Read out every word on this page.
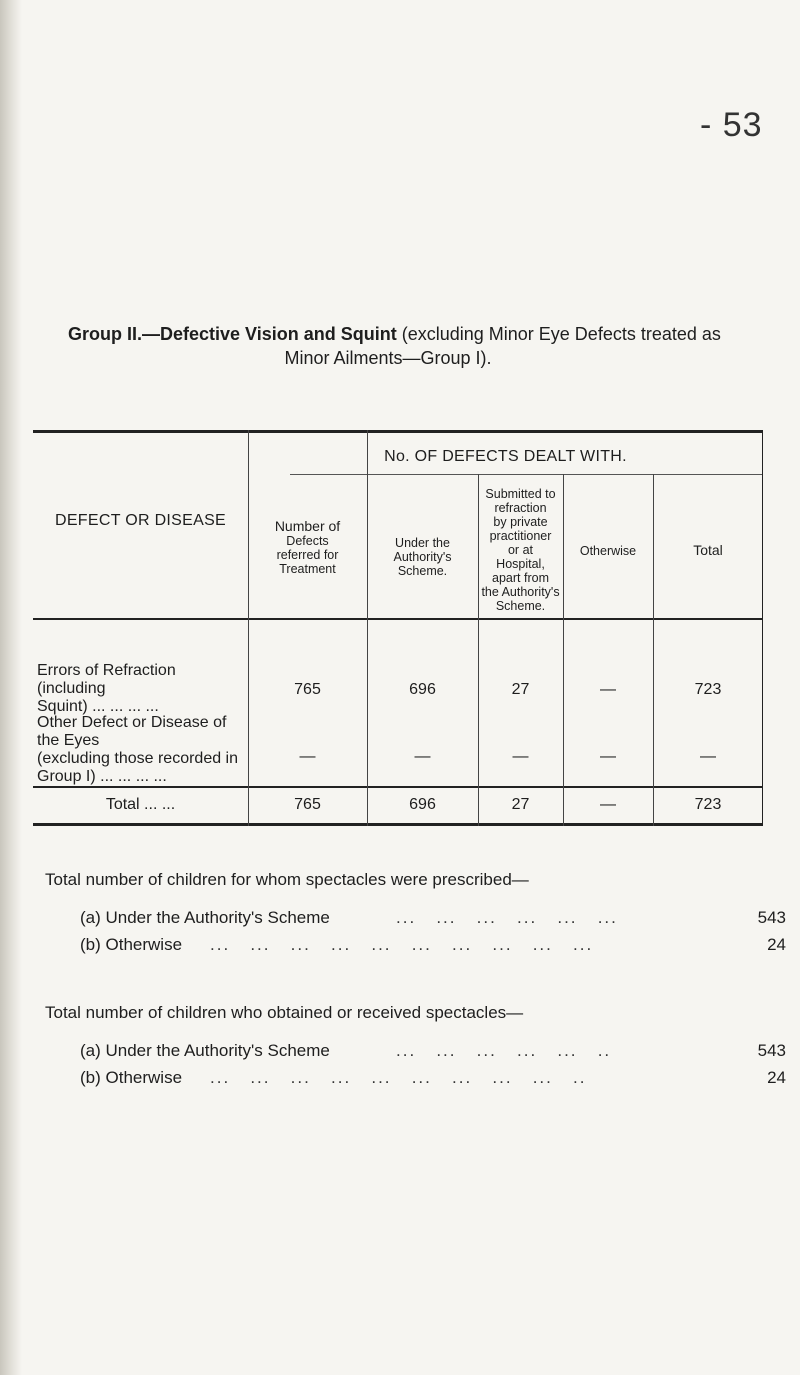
- 53
Group II.—Defective Vision and Squint (excluding Minor Eye Defects treated as
Minor Ailments—Group I).
DEFECT OR DISEASE
No. OF DEFECTS DEALT WITH.
Number of
Defects
referred for
Treatment
Under the
Authority's
Scheme.
Submitted to
refraction
by private
practitioner
or at
Hospital,
apart from
the Authority's
Scheme.
Otherwise	Total
Errors of Refraction (including
Squint) ... ... ... ...
765	696	27	—	723
Other Defect or Disease of the Eyes
(excluding those recorded in
Group I) ... ... ... ...
—	—	—	—	—
Total ... ...	765	696	27	—	723
Total number of children for whom spectacles were prescribed—
(a) Under the Authority's Scheme	...   ...   ...   ...   ...   ...	543
(b) Otherwise ...   ...   ...   ...   ...   ...   ...   ...   ...   ...	24
Total number of children who obtained or received spectacles—
(a) Under the Authority's Scheme	...   ...   ...   ...   ...   ..	543
(b) Otherwise ...   ...   ...   ...   ...   ...   ...   ...   ...   ..	24
